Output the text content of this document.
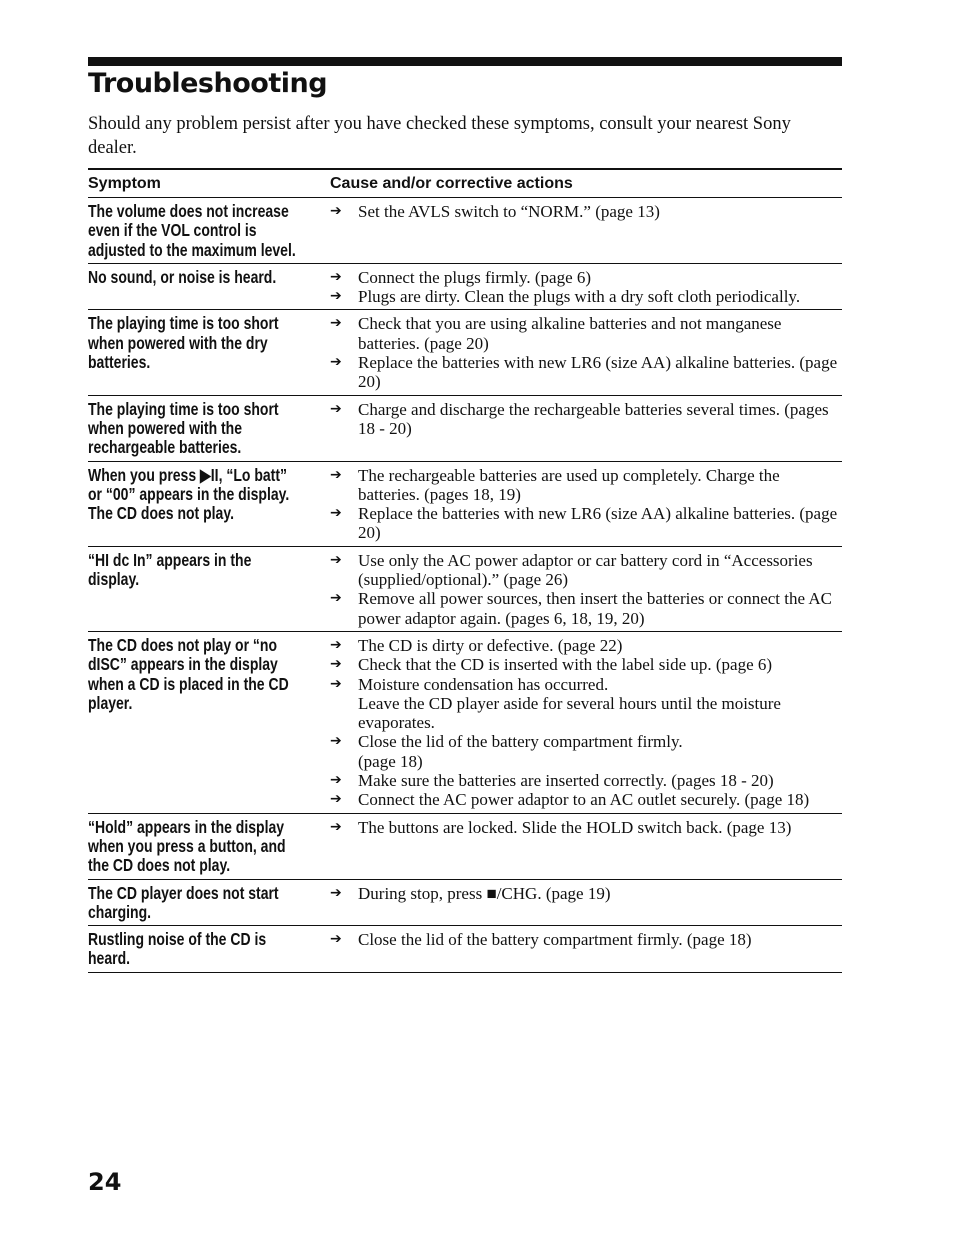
Troubleshooting

Should any problem persist after you have checked these symptoms, consult your nearest Sony dealer.

Symptom	Cause and/or corrective actions
The volume does not increase even if the VOL control is adjusted to the maximum level.
➔ Set the AVLS switch to “NORM.” (page 13)
No sound, or noise is heard.	➔ Connect the plugs firmly. (page 6)
➔ Plugs are dirty. Clean the plugs with a dry soft cloth periodically.
The playing time is too short when powered with the dry batteries.
➔ Check that you are using alkaline batteries and not manganese batteries. (page 20)
➔ Replace the batteries with new LR6 (size AA) alkaline batteries. (page 20)
The playing time is too short when powered with the rechargeable batteries.
➔ Charge and discharge the rechargeable batteries several times. (pages 18 - 20)
When you press ▶II, “Lo batt” or “00” appears in the display. The CD does not play.
➔ The rechargeable batteries are used up completely. Charge the batteries. (pages 18, 19)
➔ Replace the batteries with new LR6 (size AA) alkaline batteries. (page 20)
“HI dc In” appears in the display.
➔ Use only the AC power adaptor or car battery cord in “Accessories (supplied/optional).” (page 26)
➔ Remove all power sources, then insert the batteries or connect the AC power adaptor again. (pages 6, 18, 19, 20)
The CD does not play or “no dISC” appears in the display when a CD is placed in the CD player.
➔ The CD is dirty or defective. (page 22)
➔ Check that the CD is inserted with the label side up. (page 6)
➔ Moisture condensation has occurred.
Leave the CD player aside for several hours until the moisture evaporates.
➔ Close the lid of the battery compartment firmly.
(page 18)
➔ Make sure the batteries are inserted correctly. (pages 18 - 20)
➔ Connect the AC power adaptor to an AC outlet securely. (page 18)
“Hold” appears in the display when you press a button, and the CD does not play.
➔ The buttons are locked. Slide the HOLD switch back. (page 13)
The CD player does not start charging.
➔ During stop, press ■/CHG. (page 19)
Rustling noise of the CD is heard.
➔ Close the lid of the battery compartment firmly. (page 18)

24
